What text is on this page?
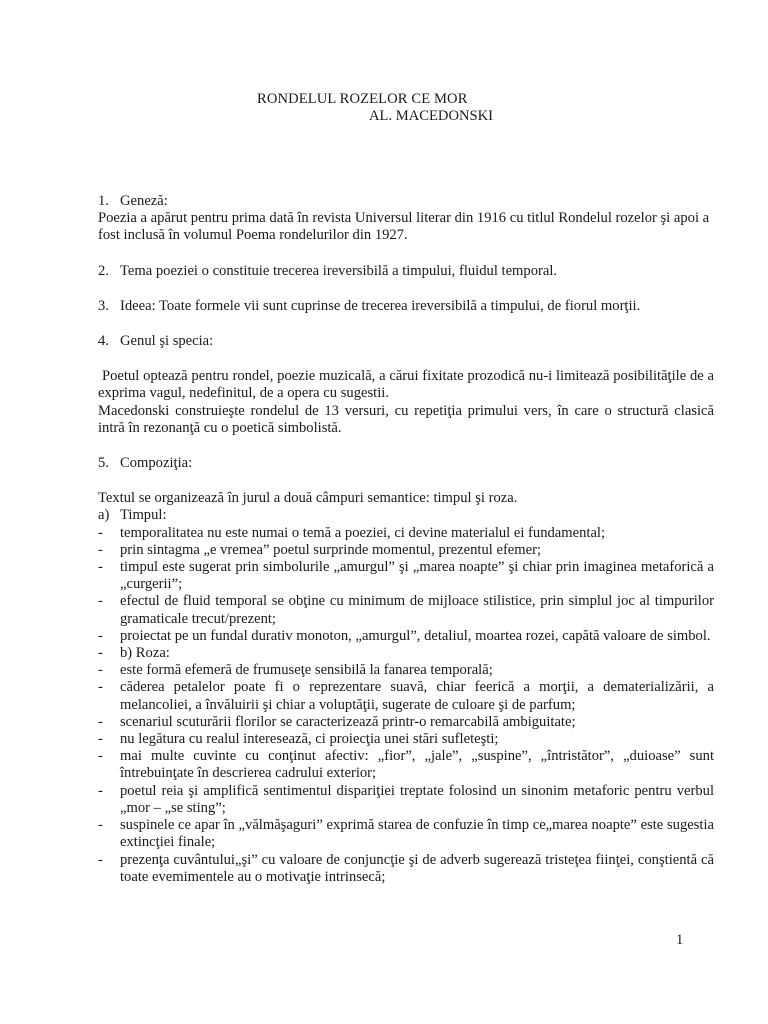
RONDELUL ROZELOR CE MOR
AL. MACEDONSKI
1. Geneză:

Poezia a apărut pentru prima dată în revista Universul literar din 1916 cu titlul Rondelul rozelor şi apoi a fost inclusă în volumul Poema rondelurilor din 1927.

2. Tema poeziei o constituie trecerea ireversibilă a timpului, fluidul temporal.
3. Ideea: Toate formele vii sunt cuprinse de trecerea ireversibilă a timpului, de fiorul morţii.
4. Genul şi specia:

Poetul optează pentru rondel, poezie muzicală, a cărui fixitate prozodică nu-i limitează posibilităţile de a exprima vagul, nedefinitul, de a opera cu sugestii.

Macedonski construieşte rondelul de 13 versuri, cu repetiţia primului vers, în care o structură clasică intră în rezonanţă cu o poetică simbolistă.

5. Compoziţia:

Textul se organizează în jurul a două câmpuri semantice: timpul şi roza.

a) Timpul:
- temporalitatea nu este numai o temă a poeziei, ci devine materialul ei fundamental;
- prin sintagma „e vremea” poetul surprinde momentul, prezentul efemer;
- timpul este sugerat prin simbolurile „amurgul” şi „marea noapte” şi chiar prin imaginea metaforică a „curgerii”;
- efectul de fluid temporal se obţine cu minimum de mijloace stilistice, prin simplul joc al timpurilor gramaticale trecut/prezent;
- proiectat pe un fundal durativ monoton, „amurgul”, detaliul, moartea rozei, capătă valoare de simbol.
- b) Roza:
- este formă efemeră de frumuseţe sensibilă la fanarea temporală;
- căderea petalelor poate fi o reprezentare suavă, chiar feerică a morţii, a dematerializării, a melancoliei, a învăluirii şi chiar a voluptăţii, sugerate de culoare şi de parfum;
- scenariul scuturării florilor se caracterizează printr-o remarcabilă ambiguitate;
- nu legătura cu realul interesează, ci proiecţia unei stări sufleteşti;
- mai multe cuvinte cu conţinut afectiv: „fior”, „jale”, „suspine”, „întristător”, „duioase” sunt întrebuinţate în descrierea cadrului exterior;
- poetul reia şi amplifică sentimentul dispariţiei treptate folosind un sinonim metaforic pentru verbul „mor – „se sting”;
- suspinele ce apar în „vălmăşaguri” exprimă starea de confuzie în timp ce„marea noapte” este sugestia extincţiei finale;
- prezenţa cuvântului„şi” cu valoare de conjuncţie şi de adverb sugerează tristeţea fiinţei, conştientă că toate evemimentele au o motivaţie intrinsecă;
1
